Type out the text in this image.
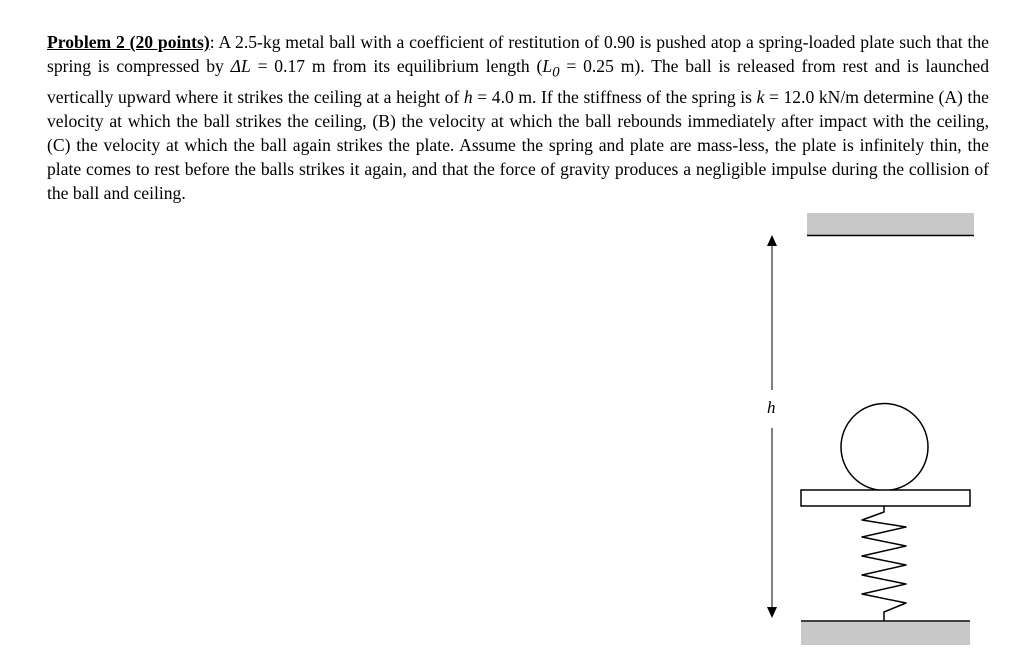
Problem 2 (20 points): A 2.5-kg metal ball with a coefficient of restitution of 0.90 is pushed atop a spring-loaded plate such that the spring is compressed by ΔL = 0.17 m from its equilibrium length ($L_0 = 0.25$ m). The ball is released from rest and is launched vertically upward where it strikes the ceiling at a height of h = 4.0 m. If the stiffness of the spring is k = 12.0 kN/m determine (A) the velocity at which the ball strikes the ceiling, (B) the velocity at which the ball rebounds immediately after impact with the ceiling, (C) the velocity at which the ball again strikes the plate. Assume the spring and plate are mass-less, the plate is infinitely thin, the plate comes to rest before the balls strikes it again, and that the force of gravity produces a negligible impulse during the collision of the ball and ceiling.
h
